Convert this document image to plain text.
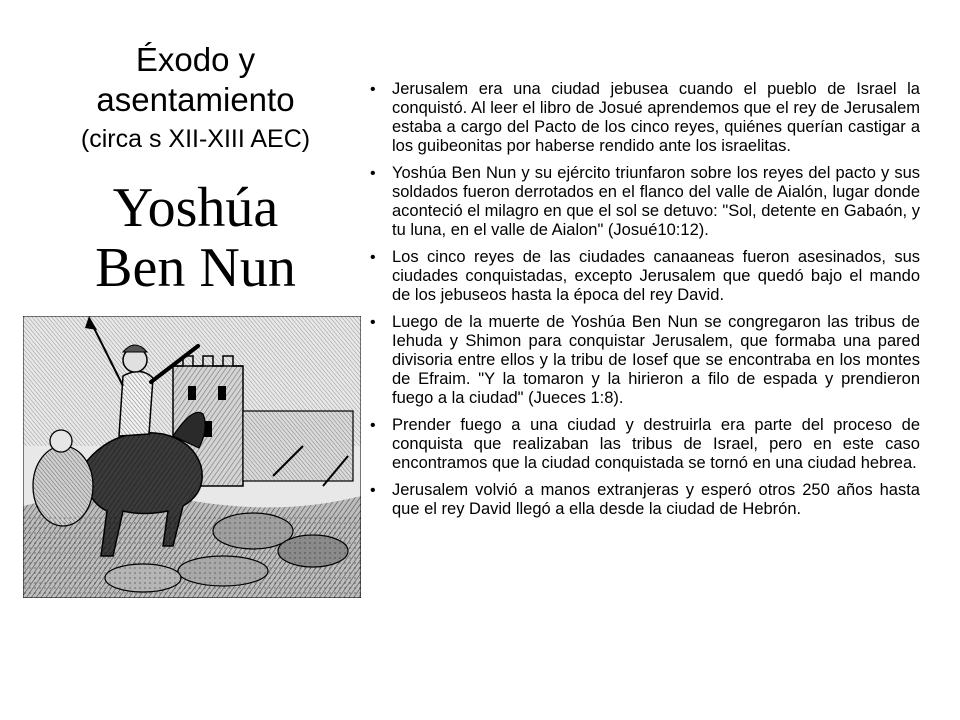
Éxodo y
asentamiento
(circa s XII-XIII AEC)
Yoshúa
Ben Nun
• Jerusalem era una ciudad jebusea cuando el pueblo de Israel la conquistó. Al leer el libro de Josué aprendemos que el rey de Jerusalem estaba a cargo del Pacto de los cinco reyes, quiénes querían castigar a los guibeonitas por haberse rendido ante los israelitas.
• Yoshúa Ben Nun y su ejército triunfaron sobre los reyes del pacto y sus soldados fueron derrotados en el flanco del valle de Aialón, lugar donde aconteció el milagro en que el sol se detuvo: "Sol, detente en Gabaón, y tu luna, en el valle de Aialon" (Josué10:12).
• Los cinco reyes de las ciudades canaaneas fueron asesinados, sus ciudades conquistadas, excepto Jerusalem que quedó bajo el mando de los jebuseos hasta la época del rey David.
• Luego de la muerte de Yoshúa Ben Nun se congregaron las tribus de Iehuda y Shimon para conquistar Jerusalem, que formaba una pared divisoria entre ellos y la tribu de Iosef que se encontraba en los montes de Efraim. "Y la tomaron y la hirieron a filo de espada y prendieron fuego a la ciudad" (Jueces 1:8).
• Prender fuego a una ciudad y destruirla era parte del proceso de conquista que realizaban las tribus de Israel, pero en este caso encontramos que la ciudad conquistada se tornó en una ciudad hebrea.
• Jerusalem volvió a manos extranjeras y esperó otros 250 años hasta que el rey David llegó a ella desde la ciudad de Hebrón.
